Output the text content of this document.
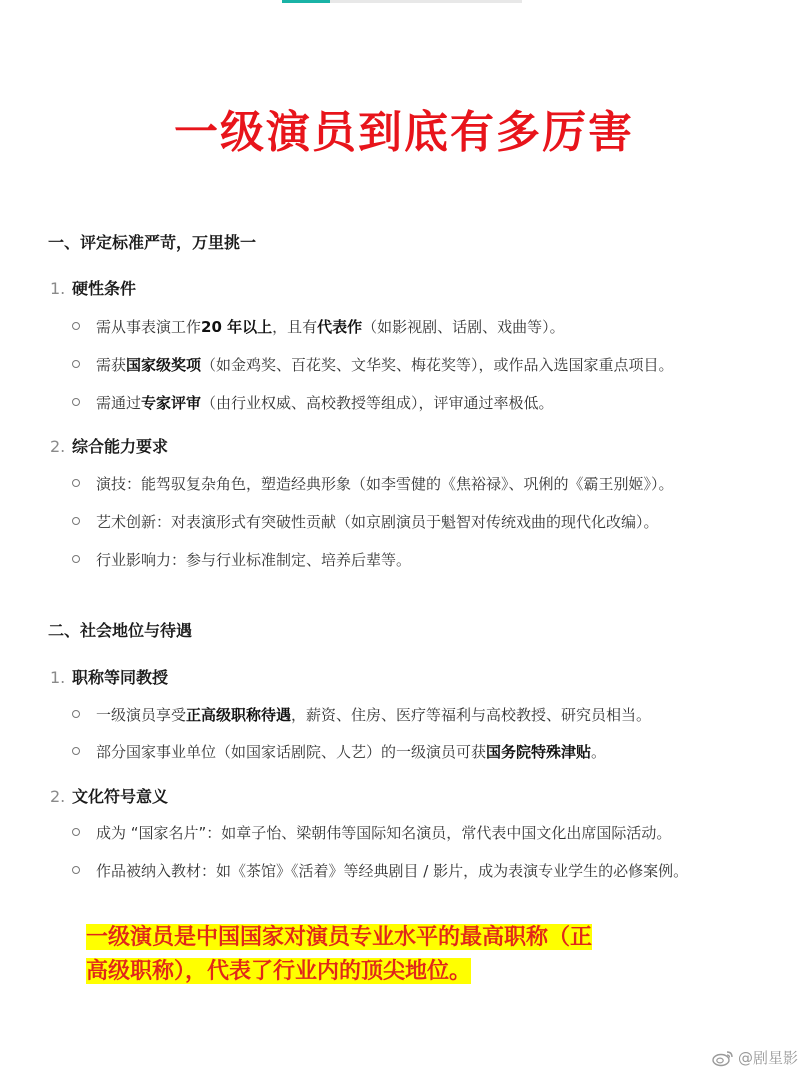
一级演员到底有多厉害
一、评定标准严苛，万里挑一
1. 硬性条件
需从事表演工作20 年以上，且有代表作（如影视剧、话剧、戏曲等）。
需获国家级奖项（如金鸡奖、百花奖、文华奖、梅花奖等），或作品入选国家重点项目。
需通过专家评审（由行业权威、高校教授等组成），评审通过率极低。
2. 综合能力要求
演技：能驾驭复杂角色，塑造经典形象（如李雪健的《焦裕禄》、巩俐的《霸王别姬》）。
艺术创新：对表演形式有突破性贡献（如京剧演员于魁智对传统戏曲的现代化改编）。
行业影响力：参与行业标准制定、培养后辈等。
二、社会地位与待遇
1. 职称等同教授
一级演员享受正高级职称待遇，薪资、住房、医疗等福利与高校教授、研究员相当。
部分国家事业单位（如国家话剧院、人艺）的一级演员可获国务院特殊津贴。
2. 文化符号意义
成为 “国家名片”：如章子怡、梁朝伟等国际知名演员，常代表中国文化出席国际活动。
作品被纳入教材：如《茶馆》《活着》等经典剧目 / 影片，成为表演专业学生的必修案例。
一级演员是中国国家对演员专业水平的最高职称（正
高级职称），代表了行业内的顶尖地位。
@剧星影
